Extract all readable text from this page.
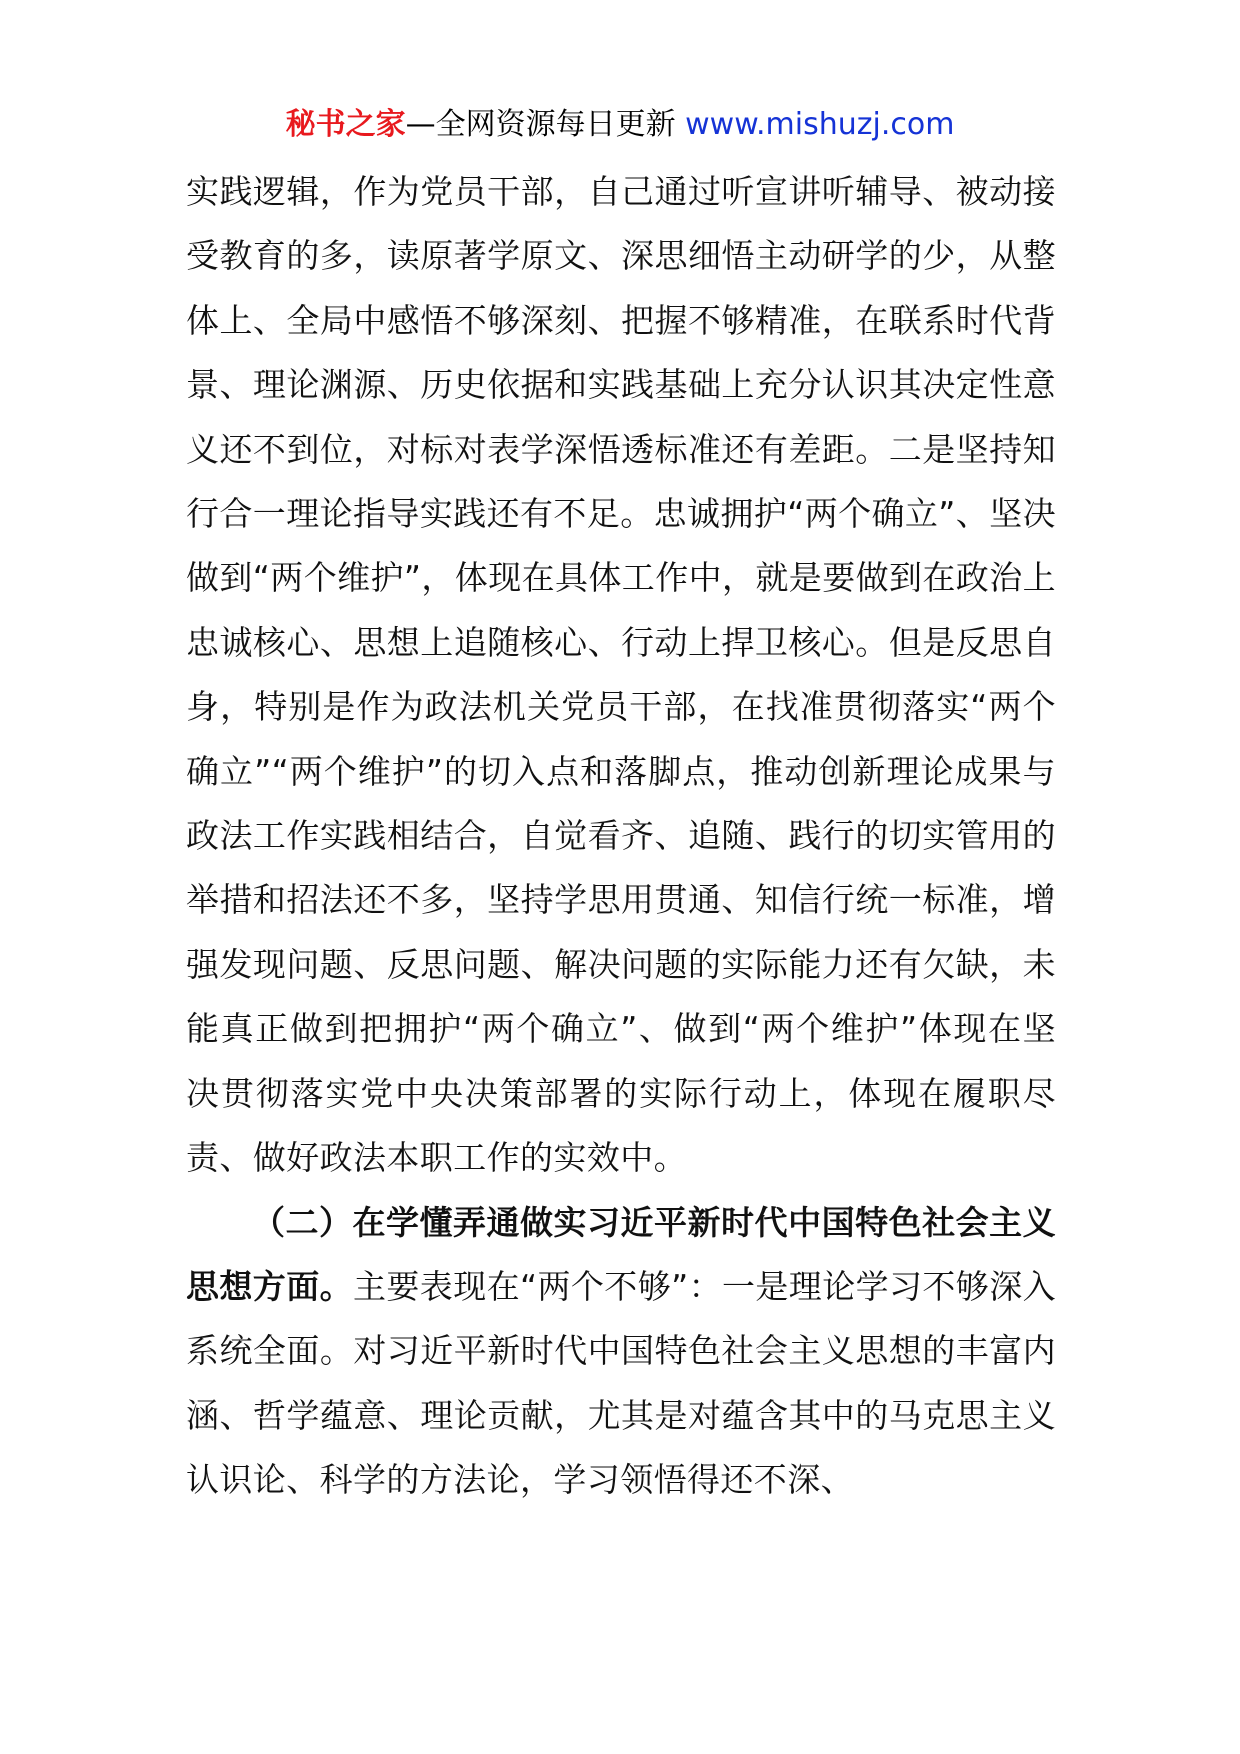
秘书之家—全网资源每日更新 www.mishuzj.com

实践逻辑，作为党员干部，自己通过听宣讲听辅导、被动接受教育的多，读原著学原文、深思细悟主动研学的少，从整体上、全局中感悟不够深刻、把握不够精准，在联系时代背景、理论渊源、历史依据和实践基础上充分认识其决定性意义还不到位，对标对表学深悟透标准还有差距。二是坚持知行合一理论指导实践还有不足。忠诚拥护“两个确立”、坚决做到“两个维护”，体现在具体工作中，就是要做到在政治上忠诚核心、思想上追随核心、行动上捍卫核心。但是反思自身，特别是作为政法机关党员干部，在找准贯彻落实“两个确立”“两个维护”的切入点和落脚点，推动创新理论成果与政法工作实践相结合，自觉看齐、追随、践行的切实管用的举措和招法还不多，坚持学思用贯通、知信行统一标准，增强发现问题、反思问题、解决问题的实际能力还有欠缺，未能真正做到把拥护“两个确立”、做到“两个维护”体现在坚决贯彻落实党中央决策部署的实际行动上，体现在履职尽责、做好政法本职工作的实效中。

（二）在学懂弄通做实习近平新时代中国特色社会主义思想方面。主要表现在“两个不够”：一是理论学习不够深入系统全面。对习近平新时代中国特色社会主义思想的丰富内涵、哲学蕴意、理论贡献，尤其是对蕴含其中的马克思主义认识论、科学的方法论，学习领悟得还不深、
